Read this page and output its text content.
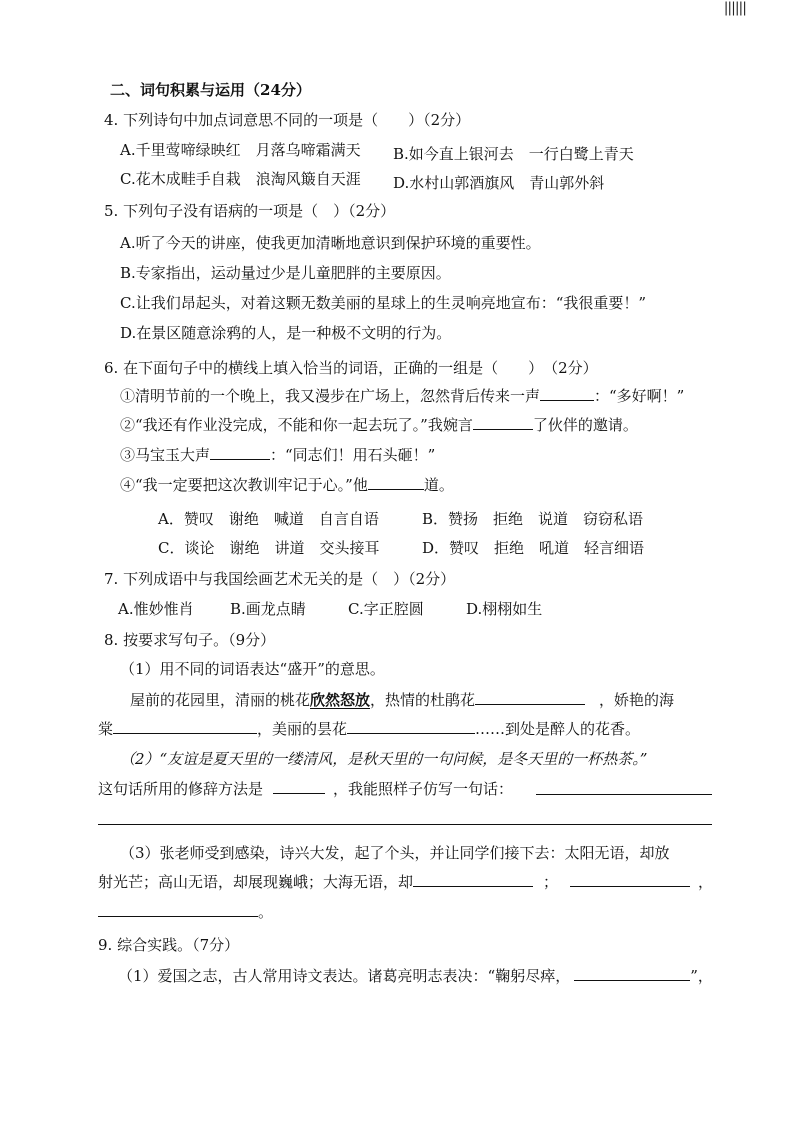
||||||
二、词句积累与运用（24分）
4. 下列诗句中加点词意思不同的一项是（　　）（2分）
A.千里莺啼绿映红　月落乌啼霜满天 B.如今直上银河去　一行白鹭上青天
C.花木成畦手自栽　浪淘风簸自天涯 D.水村山郭酒旗风　青山郭外斜
5. 下列句子没有语病的一项是（　）（2分）
A.听了今天的讲座，使我更加清晰地意识到保护环境的重要性。
B.专家指出，运动量过少是儿童肥胖的主要原因。
C.让我们昂起头，对着这颗无数美丽的星球上的生灵响亮地宣布：“我很重要！”
D.在景区随意涂鸦的人，是一种极不文明的行为。
6. 在下面句子中的横线上填入恰当的词语，正确的一组是（　　）　（2分）
①清明节前的一个晚上，我又漫步在广场上，忽然背后传来一声	：“多好啊！”
②“我还有作业没完成，不能和你一起去玩了。”我婉言	了伙伴的邀请。
③马宝玉大声	：“同志们！用石头砸！”
④“我一定要把这次教训牢记于心。”他	道。
A．赞叹　谢绝　喊道　自言自语	B．赞扬　拒绝　说道　窃窃私语
C．谈论　谢绝　讲道　交头接耳	D．赞叹　拒绝　吼道　轻言细语
7. 下列成语中与我国绘画艺术无关的是（　）（2分）
A.惟妙惟肖 B.画龙点睛	C.字正腔圆	D.栩栩如生
8. 按要求写句子。（9分）
（1）用不同的词语表达“盛开”的意思。
屋前的花园里，清丽的桃花欣然怒放，热情的杜鹃花	，娇艳的海
棠	，美丽的昙花	……到处是醉人的花香。
（2）“友谊是夏天里的一缕清风，是秋天里的一句问候，是冬天里的一杯热茶。”
这句话所用的修辞方法是	，我能照样子仿写一句话：
（3）张老师受到感染，诗兴大发，起了个头，并让同学们接下去：太阳无语，却放
射光芒；高山无语，却展现巍峨；大海无语，却	；	，
。
9. 综合实践。（7分）
（1）爱国之志，古人常用诗文表达。诸葛亮明志表决：“鞠躬尽瘁，	”，
